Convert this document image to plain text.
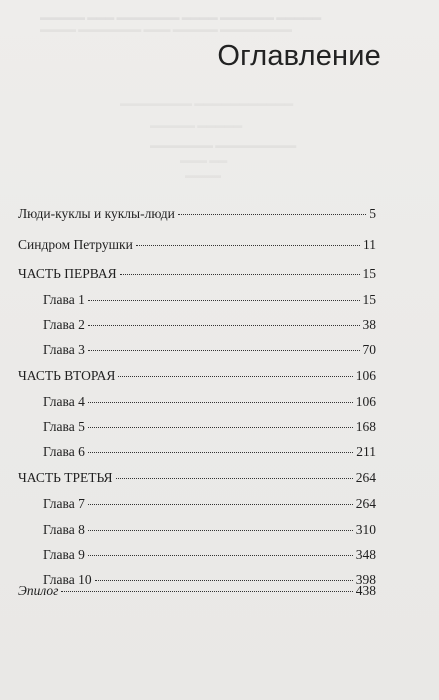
▬▬▬▬▬ ▬▬▬ ▬▬▬▬▬▬▬ ▬▬▬▬ ▬▬▬▬▬▬ ▬▬▬▬▬
▬▬▬▬ ▬▬▬▬▬▬▬ ▬▬▬ ▬▬▬▬▬ ▬▬▬▬▬▬▬▬
▬▬▬▬▬▬▬▬ ▬▬▬▬▬▬▬▬▬▬▬
▬▬▬▬▬ ▬▬▬▬▬
▬▬▬▬▬▬▬ ▬▬▬▬▬▬▬▬▬
▬▬▬ ▬▬
▬▬▬▬
Оглавление
Люди-куклы и куклы-люди	5
Синдром Петрушки	11
ЧАСТЬ ПЕРВАЯ	15
Глава 1	15
Глава 2	38
Глава 3	70
ЧАСТЬ ВТОРАЯ	106
Глава 4	106
Глава 5	168
Глава 6	211
ЧАСТЬ ТРЕТЬЯ	264
Глава 7	264
Глава 8	310
Глава 9	348
Глава 10	398
Эпилог	438
